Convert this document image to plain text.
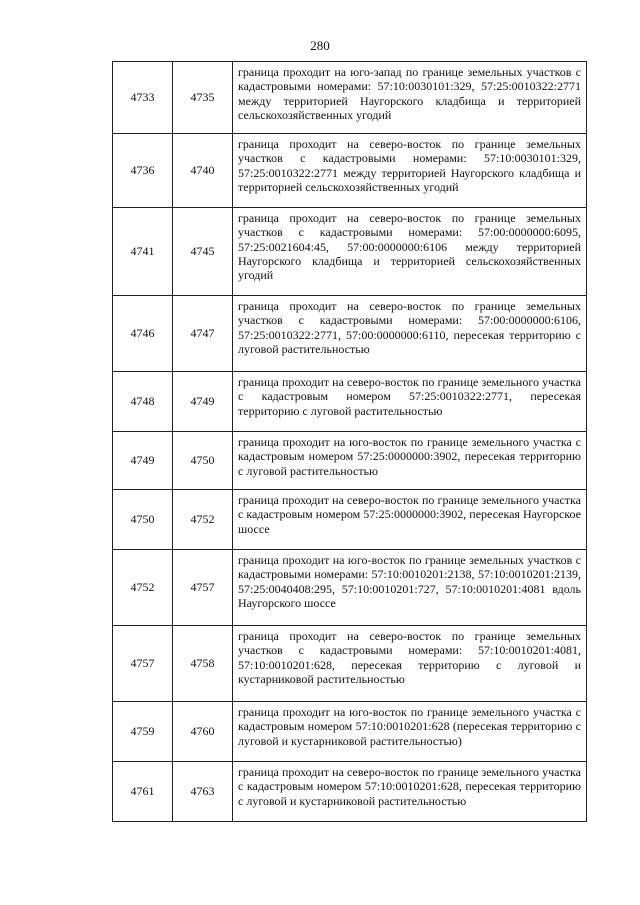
280
4733	4735	граница проходит на юго-запад по границе земельных участков с кадастровыми номерами: 57:10:0030101:329, 57:25:0010322:2771 между территорией Наугорского кладбища и территорией сельскохозяйственных угодий
4736	4740	граница проходит на северо-восток по границе земельных участков с кадастровыми номерами: 57:10:0030101:329, 57:25:0010322:2771 между территорией Наугорского кладбища и территорией сельскохозяйственных угодий
4741	4745	граница проходит на северо-восток по границе земельных участков с кадастровыми номерами: 57:00:0000000:6095, 57:25:0021604:45, 57:00:0000000:6106 между территорией Наугорского кладбища и территорией сельскохозяйственных угодий
4746	4747	граница проходит на северо-восток по границе земельных участков с кадастровыми номерами: 57:00:0000000:6106, 57:25:0010322:2771, 57:00:0000000:6110, пересекая территорию с луговой растительностью
4748	4749	граница проходит на северо-восток по границе земельного участка с кадастровым номером 57:25:0010322:2771, пересекая территорию с луговой растительностью
4749	4750	граница проходит на юго-восток по границе земельного участка с кадастровым номером 57:25:0000000:3902, пересекая территорию с луговой растительностью
4750	4752	граница проходит на северо-восток по границе земельного участка с кадастровым номером 57:25:0000000:3902, пересекая Наугорское шоссе
4752	4757	граница проходит на юго-восток по границе земельных участков с кадастровыми номерами: 57:10:0010201:2138, 57:10:0010201:2139, 57:25:0040408:295, 57:10:0010201:727, 57:10:0010201:4081 вдоль Наугорского шоссе
4757	4758	граница проходит на северо-восток по границе земельных участков с кадастровыми номерами: 57:10:0010201:4081, 57:10:0010201:628, пересекая территорию с луговой и кустарниковой растительностью
4759	4760	граница проходит на юго-восток по границе земельного участка с кадастровым номером 57:10:0010201:628 (пересекая территорию с луговой и кустарниковой растительностью)
4761	4763	граница проходит на северо-восток по границе земельного участка с кадастровым номером 57:10:0010201:628, пересекая территорию с луговой и кустарниковой растительностью
